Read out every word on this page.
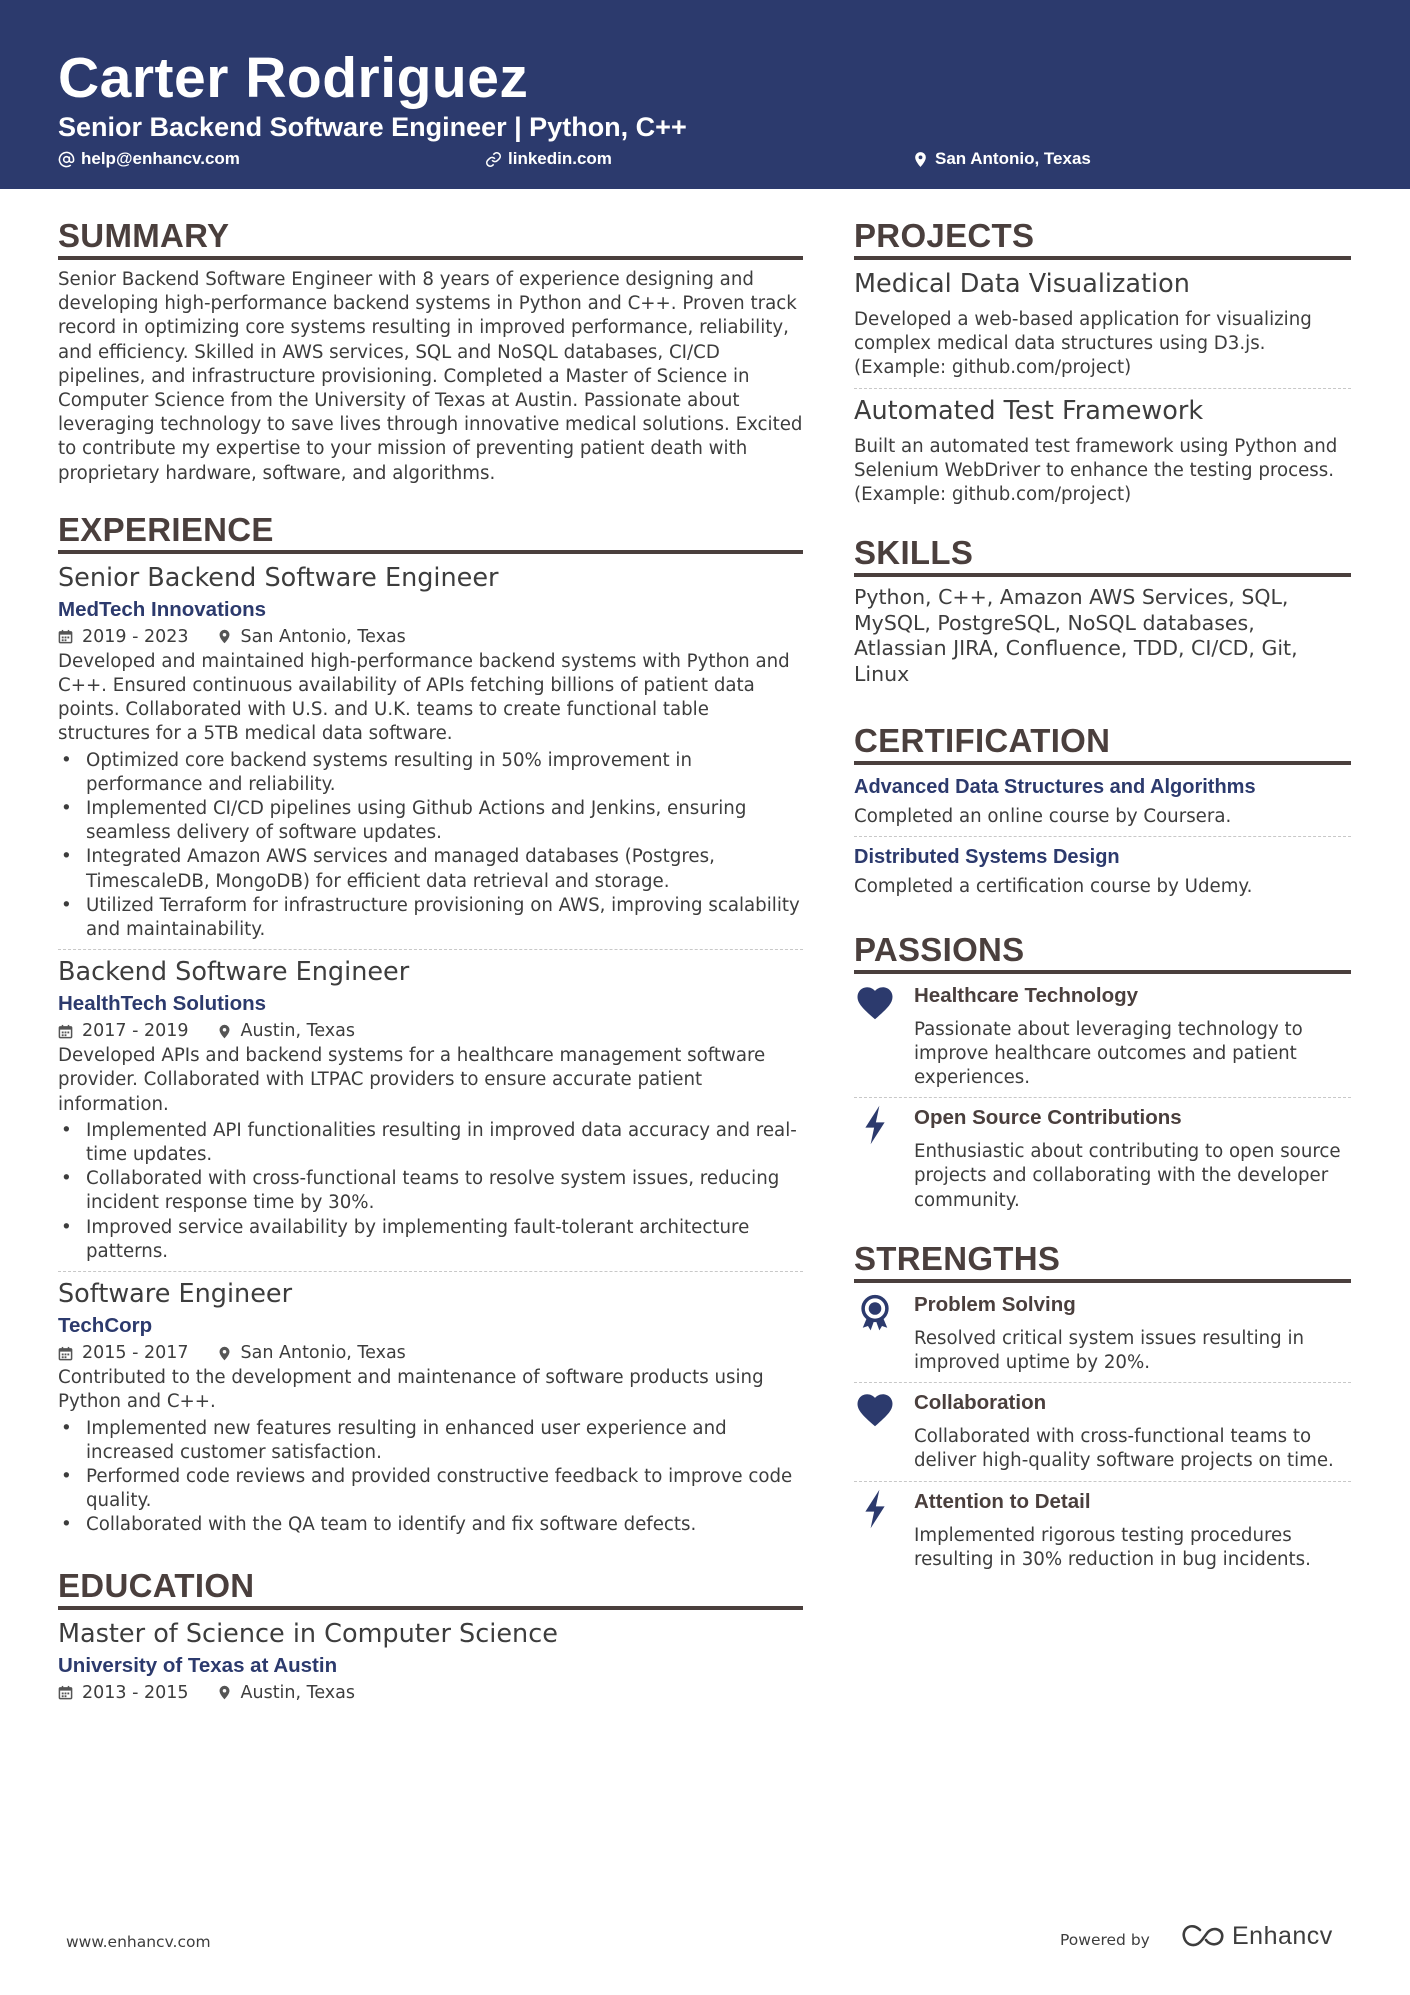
Carter Rodriguez
Senior Backend Software Engineer | Python, C++
help@enhancv.com	linkedin.com	San Antonio, Texas
SUMMARY

Senior Backend Software Engineer with 8 years of experience designing and developing high-performance backend systems in Python and C++. Proven track record in optimizing core systems resulting in improved performance, reliability, and efficiency. Skilled in AWS services, SQL and NoSQL databases, CI/CD pipelines, and infrastructure provisioning. Completed a Master of Science in Computer Science from the University of Texas at Austin. Passionate about leveraging technology to save lives through innovative medical solutions. Excited to contribute my expertise to your mission of preventing patient death with proprietary hardware, software, and algorithms.

EXPERIENCE

Senior Backend Software Engineer

MedTech Innovations

2019 - 2023	San Antonio, Texas

Developed and maintained high-performance backend systems with Python and C++. Ensured continuous availability of APIs fetching billions of patient data points. Collaborated with U.S. and U.K. teams to create functional table structures for a 5TB medical data software.

• Optimized core backend systems resulting in 50% improvement in performance and reliability.
• Implemented CI/CD pipelines using Github Actions and Jenkins, ensuring seamless delivery of software updates.
• Integrated Amazon AWS services and managed databases (Postgres, TimescaleDB, MongoDB) for efficient data retrieval and storage.
• Utilized Terraform for infrastructure provisioning on AWS, improving scalability and maintainability.

Backend Software Engineer

HealthTech Solutions

2017 - 2019	Austin, Texas

Developed APIs and backend systems for a healthcare management software provider. Collaborated with LTPAC providers to ensure accurate patient information.

• Implemented API functionalities resulting in improved data accuracy and real-time updates.
• Collaborated with cross-functional teams to resolve system issues, reducing incident response time by 30%.
• Improved service availability by implementing fault-tolerant architecture patterns.

Software Engineer

TechCorp

2015 - 2017	San Antonio, Texas

Contributed to the development and maintenance of software products using Python and C++.

• Implemented new features resulting in enhanced user experience and increased customer satisfaction.
• Performed code reviews and provided constructive feedback to improve code quality.
• Collaborated with the QA team to identify and fix software defects.
EDUCATION

Master of Science in Computer Science

University of Texas at Austin

2013 - 2015	Austin, Texas
PROJECTS

Medical Data Visualization

Developed a web-based application for visualizing complex medical data structures using D3.js. (Example: github.com/project)

Automated Test Framework

Built an automated test framework using Python and Selenium WebDriver to enhance the testing process. (Example: github.com/project)

SKILLS

Python, C++, Amazon AWS Services, SQL, MySQL, PostgreSQL, NoSQL databases, Atlassian JIRA, Confluence, TDD, CI/CD, Git, Linux

CERTIFICATION

Advanced Data Structures and Algorithms

Completed an online course by Coursera.

Distributed Systems Design

Completed a certification course by Udemy.

PASSIONS

Healthcare Technology

Passionate about leveraging technology to improve healthcare outcomes and patient experiences.

Open Source Contributions

Enthusiastic about contributing to open source projects and collaborating with the developer community.

STRENGTHS

Problem Solving

Resolved critical system issues resulting in improved uptime by 20%.

Collaboration

Collaborated with cross-functional teams to deliver high-quality software projects on time.

Attention to Detail

Implemented rigorous testing procedures resulting in 30% reduction in bug incidents.

www.enhancv.com	Powered by	Enhancv
